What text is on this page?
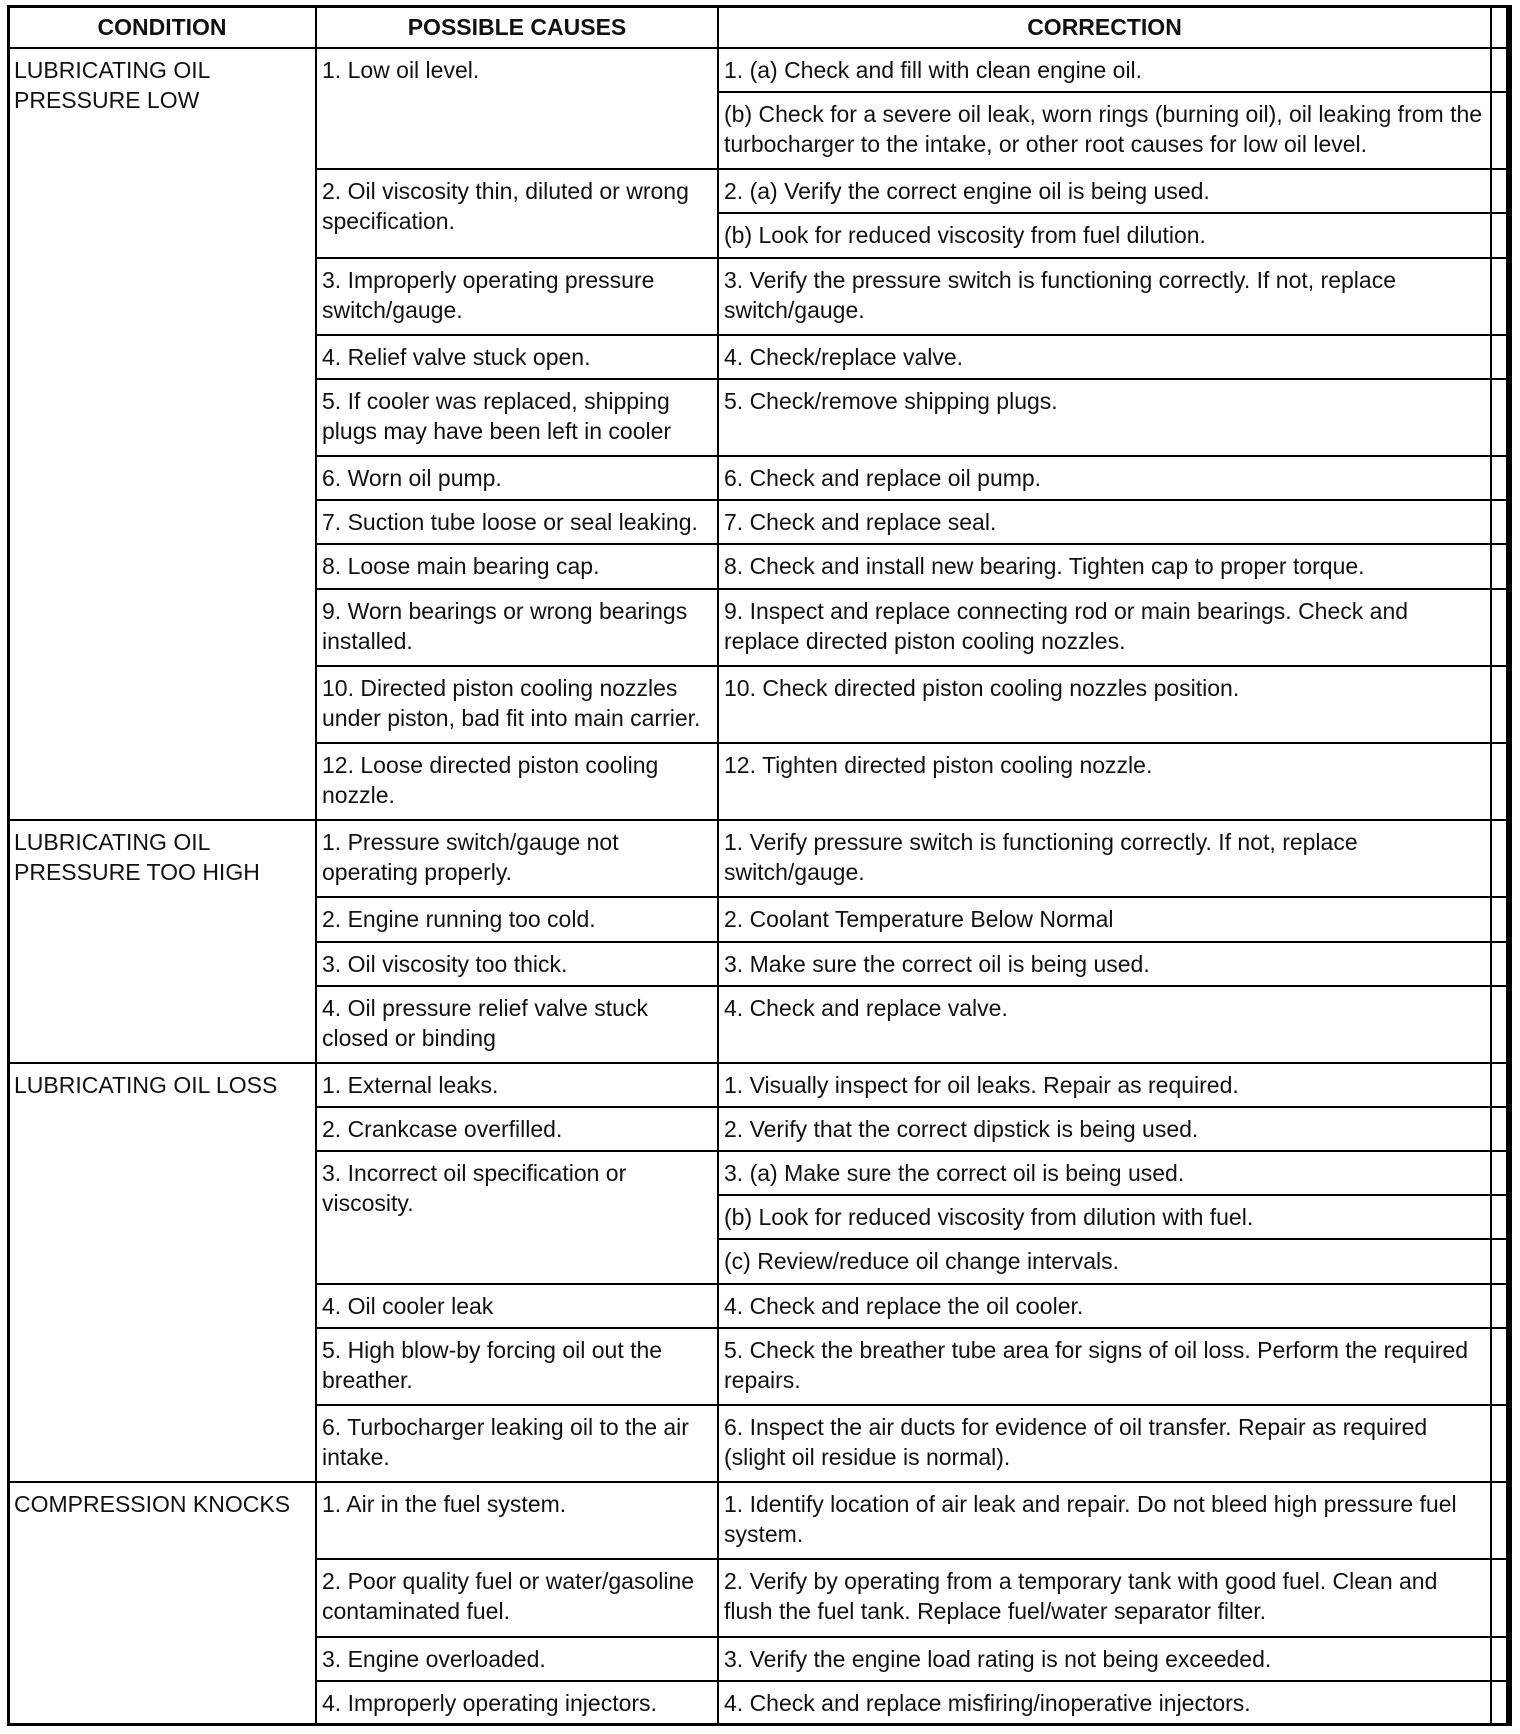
CONDITION	POSSIBLE CAUSES	CORRECTION	
LUBRICATING OIL PRESSURE LOW	1. Low oil level.	1. (a) Check and fill with clean engine oil.	
		(b) Check for a severe oil leak, worn rings (burning oil), oil leaking from the turbocharger to the intake, or other root causes for low oil level.	
	2. Oil viscosity thin, diluted or wrong specification.	2. (a) Verify the correct engine oil is being used.	
		(b) Look for reduced viscosity from fuel dilution.	
	3. Improperly operating pressure switch/gauge.	3. Verify the pressure switch is functioning correctly. If not, replace switch/gauge.	
	4. Relief valve stuck open.	4. Check/replace valve.	
	5. If cooler was replaced, shipping plugs may have been left in cooler	5. Check/remove shipping plugs.	
	6. Worn oil pump.	6. Check and replace oil pump.	
	7. Suction tube loose or seal leaking.	7. Check and replace seal.	
	8. Loose main bearing cap.	8. Check and install new bearing. Tighten cap to proper torque.	
	9. Worn bearings or wrong bearings installed.	9. Inspect and replace connecting rod or main bearings. Check and replace directed piston cooling nozzles.	
	10. Directed piston cooling nozzles under piston, bad fit into main carrier.	10. Check directed piston cooling nozzles position.	
	12. Loose directed piston cooling nozzle.	12. Tighten directed piston cooling nozzle.	
LUBRICATING OIL PRESSURE TOO HIGH	1. Pressure switch/gauge not operating properly.	1. Verify pressure switch is functioning correctly. If not, replace switch/gauge.	
	2. Engine running too cold.	2. Coolant Temperature Below Normal	
	3. Oil viscosity too thick.	3. Make sure the correct oil is being used.	
	4. Oil pressure relief valve stuck closed or binding	4. Check and replace valve.	
LUBRICATING OIL LOSS	1. External leaks.	1. Visually inspect for oil leaks. Repair as required.	
	2. Crankcase overfilled.	2. Verify that the correct dipstick is being used.	
	3. Incorrect oil specification or viscosity.	3. (a) Make sure the correct oil is being used.	
		(b) Look for reduced viscosity from dilution with fuel.	
		(c) Review/reduce oil change intervals.	
	4. Oil cooler leak	4. Check and replace the oil cooler.	
	5. High blow-by forcing oil out the breather.	5. Check the breather tube area for signs of oil loss. Perform the required repairs.	
	6. Turbocharger leaking oil to the air intake.	6. Inspect the air ducts for evidence of oil transfer. Repair as required (slight oil residue is normal).	
COMPRESSION KNOCKS	1. Air in the fuel system.	1. Identify location of air leak and repair. Do not bleed high pressure fuel system.	
	2. Poor quality fuel or water/gasoline contaminated fuel.	2. Verify by operating from a temporary tank with good fuel. Clean and flush the fuel tank. Replace fuel/water separator filter.	
	3. Engine overloaded.	3. Verify the engine load rating is not being exceeded.	
	4. Improperly operating injectors.	4. Check and replace misfiring/inoperative injectors.	
